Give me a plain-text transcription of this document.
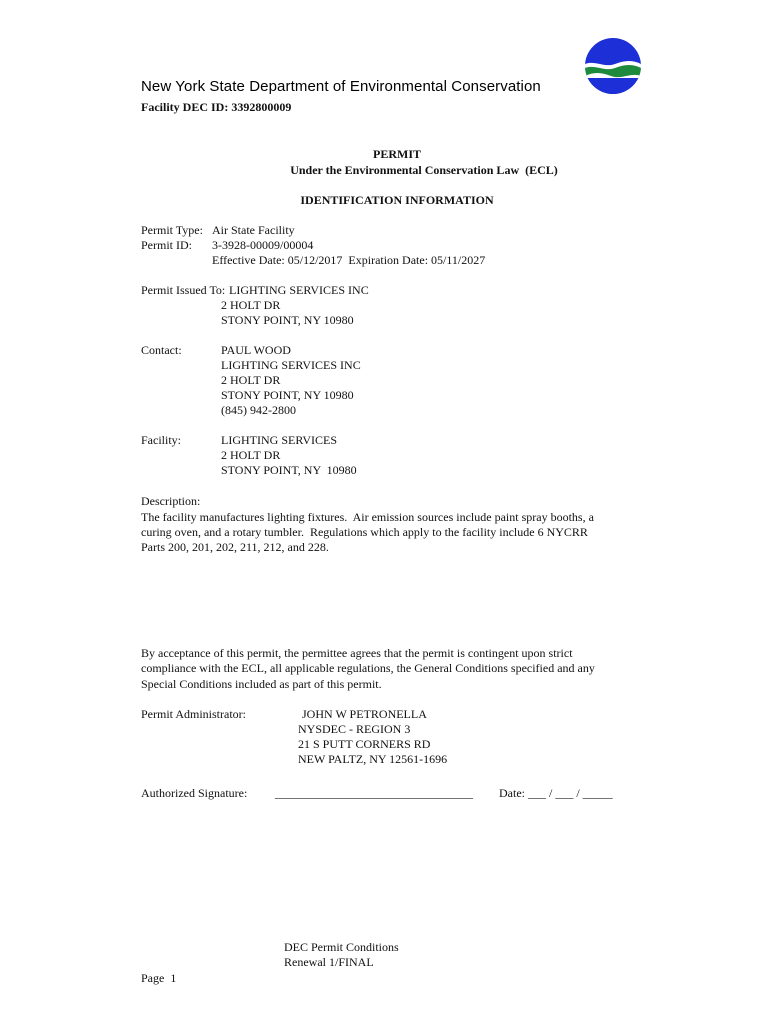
New York State Department of Environmental Conservation
Facility DEC ID: 3392800009
PERMIT
Under the Environmental Conservation Law  (ECL)
IDENTIFICATION INFORMATION
Permit Type: Air State Facility
Permit ID: 3-3928-00009/00004
Effective Date: 05/12/2017  Expiration Date: 05/11/2027
Permit Issued To: LIGHTING SERVICES INC
2 HOLT DR
STONY POINT, NY 10980
Contact:	PAUL WOOD
LIGHTING SERVICES INC
2 HOLT DR
STONY POINT, NY 10980
(845) 942-2800
Facility:	LIGHTING SERVICES
2 HOLT DR
STONY POINT, NY  10980
Description:
The facility manufactures lighting fixtures.  Air emission sources include paint spray booths, a
curing oven, and a rotary tumbler.  Regulations which apply to the facility include 6 NYCRR
Parts 200, 201, 202, 211, 212, and 228.
By acceptance of this permit, the permittee agrees that the permit is contingent upon strict
compliance with the ECL, all applicable regulations, the General Conditions specified and any
Special Conditions included as part of this permit.
Permit Administrator:	JOHN W PETRONELLA
NYSDEC - REGION 3
21 S PUTT CORNERS RD
NEW PALTZ, NY 12561-1696
Authorized Signature: _________________________________ Date: ___ / ___ / _____
DEC Permit Conditions
Renewal 1/FINAL
Page  1
